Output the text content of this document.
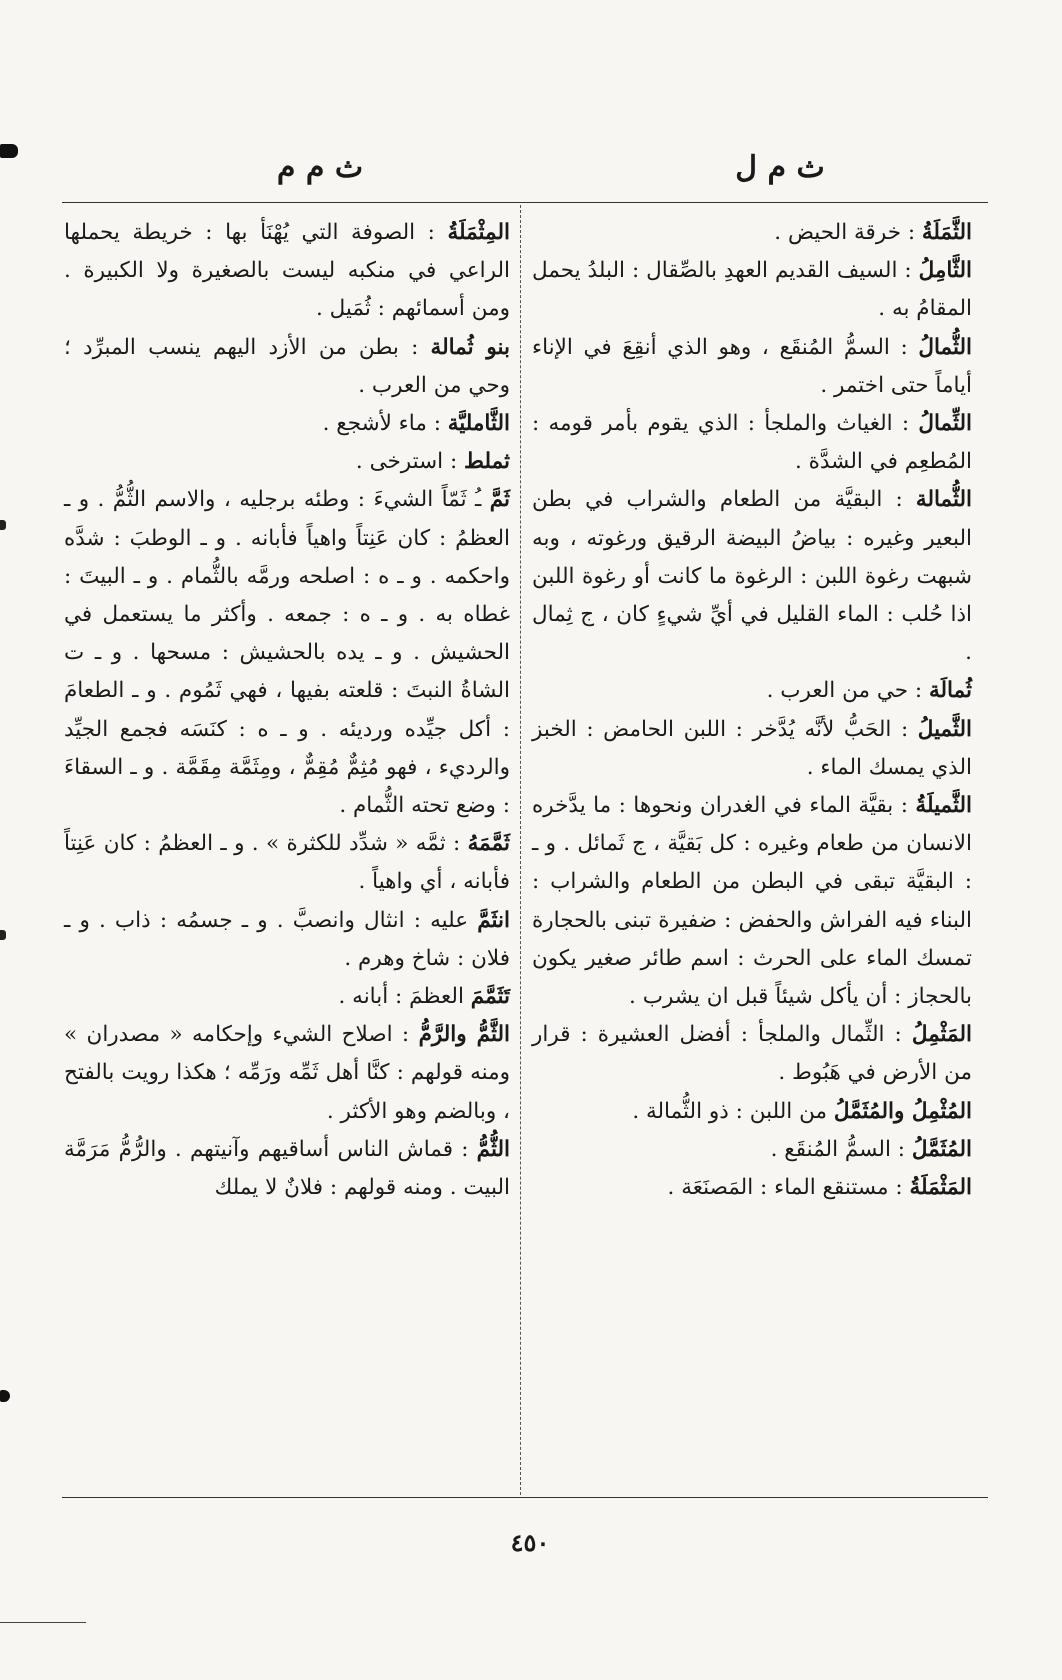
ث م ل
ث م م

الثَّمَلَةُ : خرقة الحيض .

الثَّامِلُ : السيف القديم العهدِ بالصِّقال : البلدُ يحمل المقامُ به .

الثُّمالُ : السمُّ المُنقَع ، وهو الذي أنقِعَ في الإناء أياماً حتى اختمر .

الثِّمالُ : الغياث والملجأ : الذي يقوم بأمر قومه : المُطعِم في الشدَّة .

الثُّمالة : البقيَّة من الطعام والشراب في بطن البعير وغيره : بياضُ البيضة الرقيق ورغوته ، وبه شبهت رغوة اللبن : الرغوة ما كانت أو رغوة اللبن اذا حُلب : الماء القليل في أيِّ شيءٍ كان ، ج ثِمال .

ثُمالَة : حي من العرب .

الثَّميلُ : الحَبُّ لأنَّه يُدَّخر : اللبن الحامض : الخبز الذي يمسك الماء .

الثَّميلَةُ : بقيَّة الماء في الغدران ونحوها : ما يدَّخره الانسان من طعام وغيره : كل بَقيَّة ، ج ثَمائل . و ـ : البقيَّة تبقى في البطن من الطعام والشراب : البناء فيه الفراش والحفض : ضفيرة تبنى بالحجارة تمسك الماء على الحرث : اسم طائر صغير يكون بالحجاز : أن يأكل شيئاً قبل ان يشرب .

المَثْمِلُ : الثِّمال والملجأ : أفضل العشيرة : قرار من الأرض في هَبُوط .

المُثْمِلُ والمُثَمَّلُ من اللبن : ذو الثُّمالة .

المُثَمَّلُ : السمُّ المُنقَع .

المَثْمَلَةُ : مستنقع الماء : المَصنَعَة .

المِثْمَلَةُ : الصوفة التي يُهْنَأ بها : خريطة يحملها الراعي في منكبه ليست بالصغيرة ولا الكبيرة . ومن أسمائهم : ثُمَيل .

بنو ثُمالة : بطن من الأزد اليهم ينسب المبرِّد ؛ وحي من العرب .

الثَّامليَّة : ماء لأشجع .

ثملط : استرخى .

ثَمَّ ـُ ثَمّاً الشيءَ : وطئه برجليه ، والاسم الثُّمُّ . و ـ العظمُ : كان عَنِتاً واهياً فأبانه . و ـ الوطبَ : شدَّه واحكمه . و ـ ه : اصلحه ورمَّه بالثُّمام . و ـ البيتَ : غطاه به . و ـ ه : جمعه . وأكثر ما يستعمل في الحشيش . و ـ يده بالحشيش : مسحها . و ـ ت الشاةُ النبتَ : قلعته بفيها ، فهي ثَمُوم . و ـ الطعامَ : أكل جيِّده ورديئه . و ـ ه : كنَسَه فجمع الجيِّد والرديء ، فهو مُثِمٌّ مُقِمٌّ ، ومِثَمَّة مِقَمَّة . و ـ السقاءَ : وضع تحته الثُّمام .

ثَمَّمَهُ : ثمَّه « شدِّد للكثرة » . و ـ العظمُ : كان عَنِتاً فأبانه ، أي واهياً .

انثَمَّ عليه : انثال وانصبَّ . و ـ جسمُه : ذاب . و ـ فلان : شاخ وهرم .

تَثَمَّمَ العظمَ : أبانه .

الثَّمُّ والرَّمُّ : اصلاح الشيء وإحكامه « مصدران » ومنه قولهم : كنَّا أهل ثَمِّه ورَمِّه ؛ هكذا رويت بالفتح ، وبالضم وهو الأكثر .

الثُّمُّ : قماش الناس أساقيهم وآنيتهم . والرُّمُّ مَرَمَّة البيت . ومنه قولهم : فلانٌ لا يملك

٤٥٠
